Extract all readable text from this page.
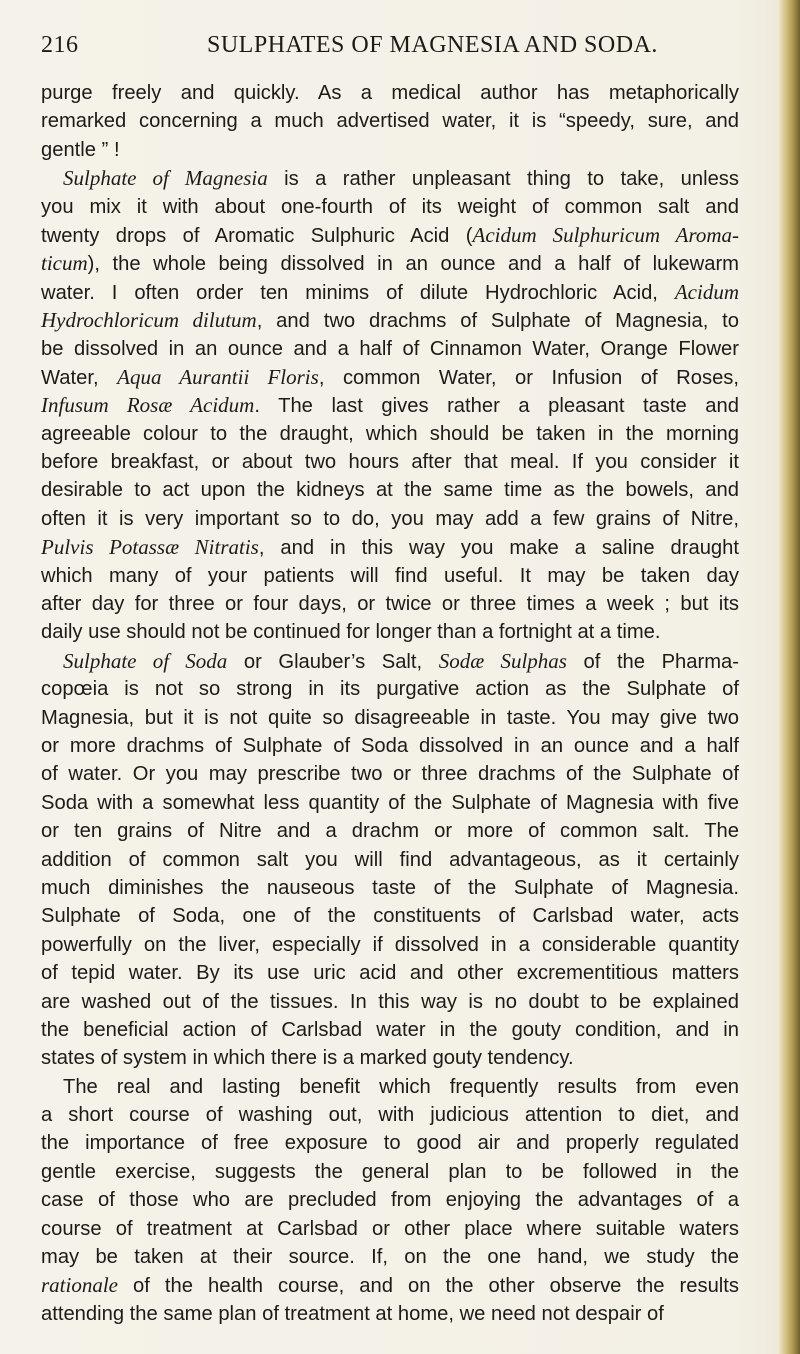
216	SULPHATES OF MAGNESIA AND SODA.
purge freely and quickly. As a medical author has metaphorically
remarked concerning a much advertised water, it is “speedy, sure, and
gentle ” !
Sulphate of Magnesia is a rather unpleasant thing to take, unless
you mix it with about one-fourth of its weight of common salt and
twenty drops of Aromatic Sulphuric Acid (Acidum Sulphuricum Aroma-
ticum), the whole being dissolved in an ounce and a half of lukewarm
water. I often order ten minims of dilute Hydrochloric Acid, Acidum
Hydrochloricum dilutum, and two drachms of Sulphate of Magnesia, to
be dissolved in an ounce and a half of Cinnamon Water, Orange Flower
Water, Aqua Aurantii Floris, common Water, or Infusion of Roses,
Infusum Rosæ Acidum. The last gives rather a pleasant taste and
agreeable colour to the draught, which should be taken in the morning
before breakfast, or about two hours after that meal. If you consider it
desirable to act upon the kidneys at the same time as the bowels, and
often it is very important so to do, you may add a few grains of Nitre,
Pulvis Potassæ Nitratis, and in this way you make a saline draught
which many of your patients will find useful. It may be taken day
after day for three or four days, or twice or three times a week ; but its
daily use should not be continued for longer than a fortnight at a time.
Sulphate of Soda or Glauber’s Salt, Sodæ Sulphas of the Pharma-
copœia is not so strong in its purgative action as the Sulphate of
Magnesia, but it is not quite so disagreeable in taste. You may give two
or more drachms of Sulphate of Soda dissolved in an ounce and a half
of water. Or you may prescribe two or three drachms of the Sulphate of
Soda with a somewhat less quantity of the Sulphate of Magnesia with five
or ten grains of Nitre and a drachm or more of common salt. The
addition of common salt you will find advantageous, as it certainly
much diminishes the nauseous taste of the Sulphate of Magnesia.
Sulphate of Soda, one of the constituents of Carlsbad water, acts
powerfully on the liver, especially if dissolved in a considerable quantity
of tepid water. By its use uric acid and other excrementitious matters
are washed out of the tissues. In this way is no doubt to be explained
the beneficial action of Carlsbad water in the gouty condition, and in
states of system in which there is a marked gouty tendency.
The real and lasting benefit which frequently results from even
a short course of washing out, with judicious attention to diet, and
the importance of free exposure to good air and properly regulated
gentle exercise, suggests the general plan to be followed in the
case of those who are precluded from enjoying the advantages of a
course of treatment at Carlsbad or other place where suitable waters
may be taken at their source. If, on the one hand, we study the
rationale of the health course, and on the other observe the results
attending the same plan of treatment at home, we need not despair of
